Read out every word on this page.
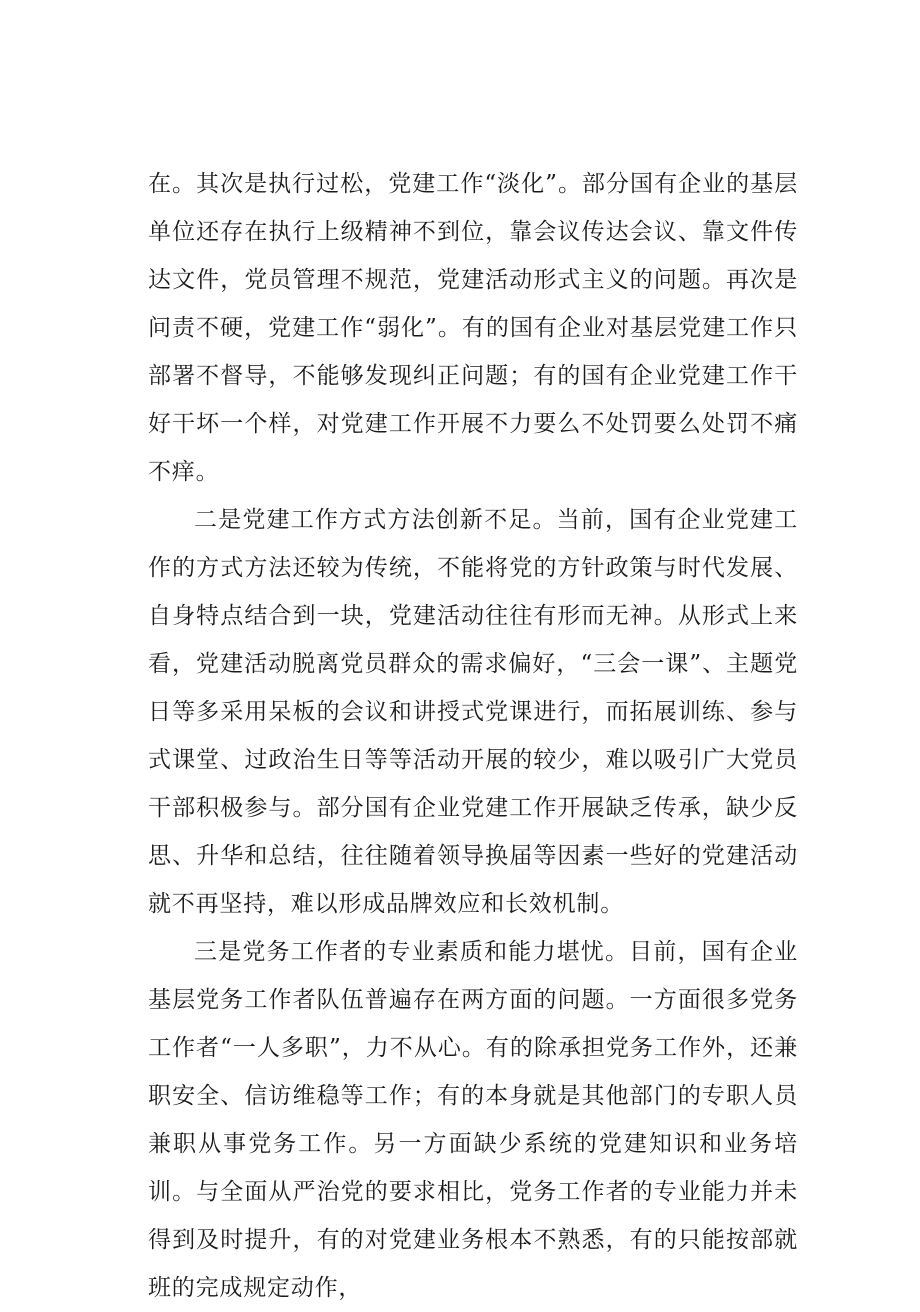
在。其次是执行过松，党建工作“淡化”。部分国有企业的基层单位还存在执行上级精神不到位，靠会议传达会议、靠文件传达文件，党员管理不规范，党建活动形式主义的问题。再次是问责不硬，党建工作“弱化”。有的国有企业对基层党建工作只部署不督导，不能够发现纠正问题；有的国有企业党建工作干好干坏一个样，对党建工作开展不力要么不处罚要么处罚不痛不痒。

二是党建工作方式方法创新不足。当前，国有企业党建工作的方式方法还较为传统，不能将党的方针政策与时代发展、自身特点结合到一块，党建活动往往有形而无神。从形式上来看，党建活动脱离党员群众的需求偏好，“三会一课”、主题党日等多采用呆板的会议和讲授式党课进行，而拓展训练、参与式课堂、过政治生日等等活动开展的较少，难以吸引广大党员干部积极参与。部分国有企业党建工作开展缺乏传承，缺少反思、升华和总结，往往随着领导换届等因素一些好的党建活动就不再坚持，难以形成品牌效应和长效机制。

三是党务工作者的专业素质和能力堪忧。目前，国有企业基层党务工作者队伍普遍存在两方面的问题。一方面很多党务工作者“一人多职”，力不从心。有的除承担党务工作外，还兼职安全、信访维稳等工作；有的本身就是其他部门的专职人员兼职从事党务工作。另一方面缺少系统的党建知识和业务培训。与全面从严治党的要求相比，党务工作者的专业能力并未得到及时提升，有的对党建业务根本不熟悉，有的只能按部就班的完成规定动作，
